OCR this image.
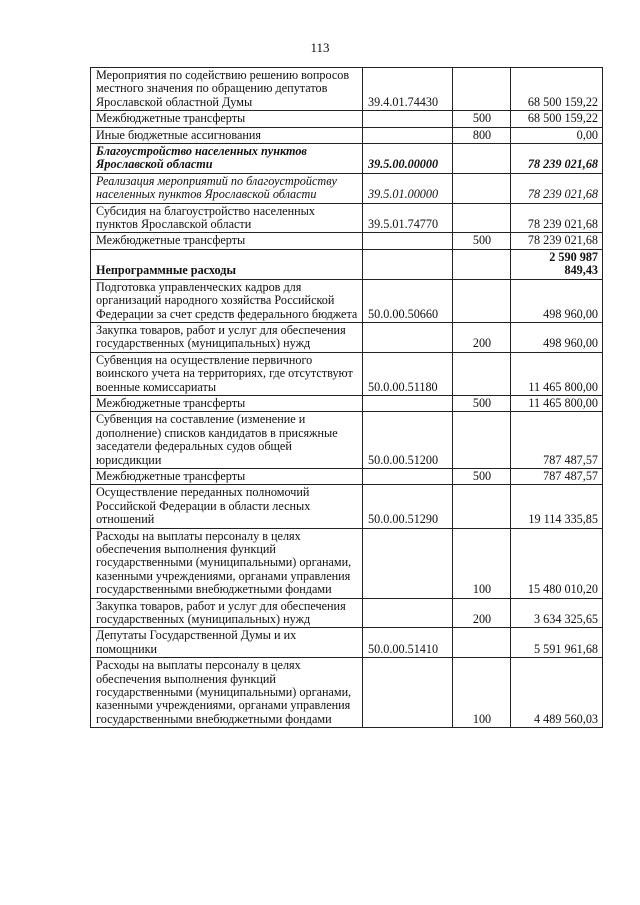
113
Мероприятия по содействию решению вопросов местного значения по обращению депутатов Ярославской областной Думы	39.4.01.74430		68 500 159,22
Межбюджетные трансферты		500	68 500 159,22
Иные бюджетные ассигнования		800	0,00
Благоустройство населенных пунктов Ярославской области	39.5.00.00000		78 239 021,68
Реализация мероприятий по благоустройству населенных пунктов Ярославской области	39.5.01.00000		78 239 021,68
Субсидия на благоустройство населенных пунктов Ярославской области	39.5.01.74770		78 239 021,68
Межбюджетные трансферты		500	78 239 021,68
Непрограммные расходы			2 590 987 849,43
Подготовка управленческих кадров для организаций народного хозяйства Российской Федерации за счет средств федерального бюджета	50.0.00.50660		498 960,00
Закупка товаров, работ и услуг для обеспечения государственных (муниципальных) нужд		200	498 960,00
Субвенция на осуществление первичного воинского учета на территориях, где отсутствуют военные комиссариаты	50.0.00.51180		11 465 800,00
Межбюджетные трансферты		500	11 465 800,00
Субвенция на составление (изменение и дополнение) списков кандидатов в присяжные заседатели федеральных судов общей юрисдикции	50.0.00.51200		787 487,57
Межбюджетные трансферты		500	787 487,57
Осуществление переданных полномочий Российской Федерации в области лесных отношений	50.0.00.51290		19 114 335,85
Расходы на выплаты персоналу в целях обеспечения выполнения функций государственными (муниципальными) органами, казенными учреждениями, органами управления государственными внебюджетными фондами		100	15 480 010,20
Закупка товаров, работ и услуг для обеспечения государственных (муниципальных) нужд		200	3 634 325,65
Депутаты Государственной Думы и их помощники	50.0.00.51410		5 591 961,68
Расходы на выплаты персоналу в целях обеспечения выполнения функций государственными (муниципальными) органами, казенными учреждениями, органами управления государственными внебюджетными фондами		100	4 489 560,03
